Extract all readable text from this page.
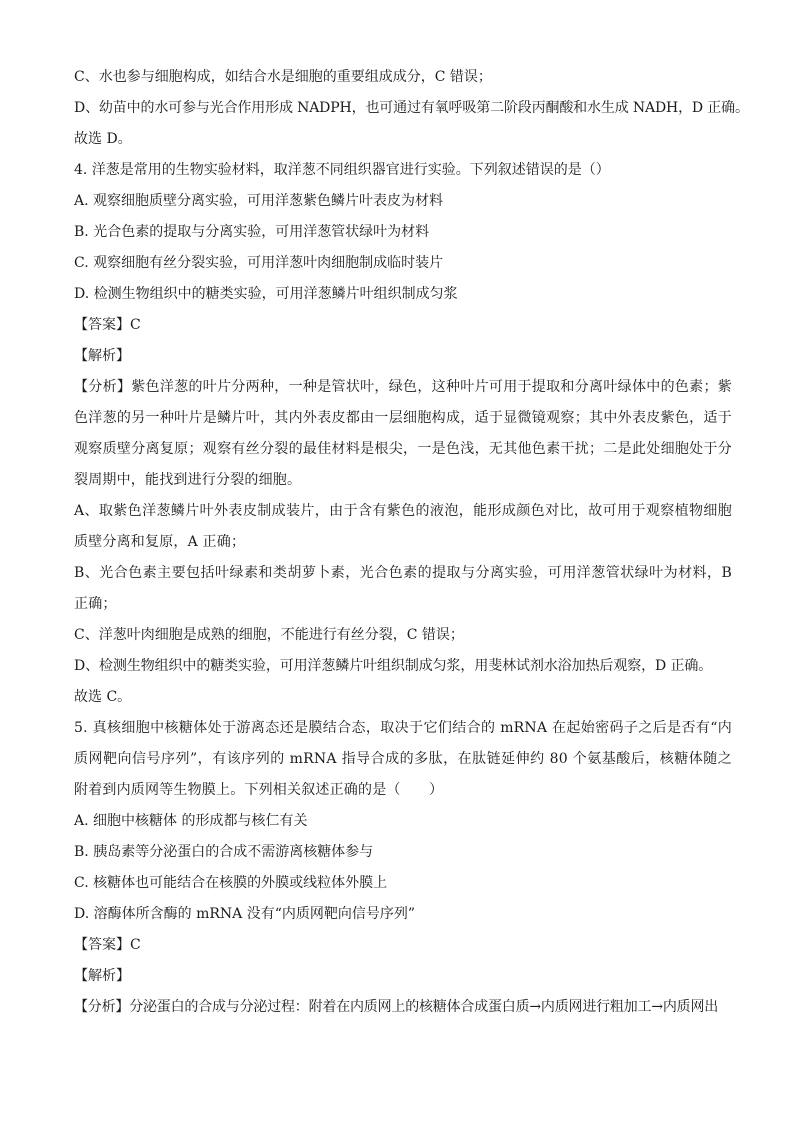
C、水也参与细胞构成，如结合水是细胞的重要组成成分，C 错误；
D、幼苗中的水可参与光合作用形成 NADPH，也可通过有氧呼吸第二阶段丙酮酸和水生成 NADH，D 正确。
故选 D。
4. 洋葱是常用的生物实验材料，取洋葱不同组织器官进行实验。下列叙述错误的是（）
A. 观察细胞质壁分离实验，可用洋葱紫色鳞片叶表皮为材料
B. 光合色素的提取与分离实验，可用洋葱管状绿叶为材料
C. 观察细胞有丝分裂实验，可用洋葱叶肉细胞制成临时装片
D. 检测生物组织中的糖类实验，可用洋葱鳞片叶组织制成匀浆
【答案】C
【解析】
【分析】紫色洋葱的叶片分两种，一种是管状叶，绿色，这种叶片可用于提取和分离叶绿体中的色素；紫色洋葱的另一种叶片是鳞片叶，其内外表皮都由一层细胞构成，适于显微镜观察；其中外表皮紫色，适于观察质壁分离复原；观察有丝分裂的最佳材料是根尖，一是色浅，无其他色素干扰；二是此处细胞处于分裂周期中，能找到进行分裂的细胞。
A、取紫色洋葱鳞片叶外表皮制成装片，由于含有紫色的液泡，能形成颜色对比，故可用于观察植物细胞质壁分离和复原，A 正确；
B、光合色素主要包括叶绿素和类胡萝卜素，光合色素的提取与分离实验，可用洋葱管状绿叶为材料，B 正确；
C、洋葱叶肉细胞是成熟的细胞，不能进行有丝分裂，C 错误；
D、检测生物组织中的糖类实验，可用洋葱鳞片叶组织制成匀浆，用斐林试剂水浴加热后观察，D 正确。
故选 C。
5. 真核细胞中核糖体处于游离态还是膜结合态，取决于它们结合的 mRNA 在起始密码子之后是否有“内质网靶向信号序列”，有该序列的 mRNA 指导合成的多肽，在肽链延伸约 80 个氨基酸后，核糖体随之附着到内质网等生物膜上。下列相关叙述正确的是（　　）
A. 细胞中核糖体 的形成都与核仁有关
B. 胰岛素等分泌蛋白的合成不需游离核糖体参与
C. 核糖体也可能结合在核膜的外膜或线粒体外膜上
D. 溶酶体所含酶的 mRNA 没有“内质网靶向信号序列”
【答案】C
【解析】
【分析】分泌蛋白的合成与分泌过程：附着在内质网上的核糖体合成蛋白质→内质网进行粗加工→内质网出
